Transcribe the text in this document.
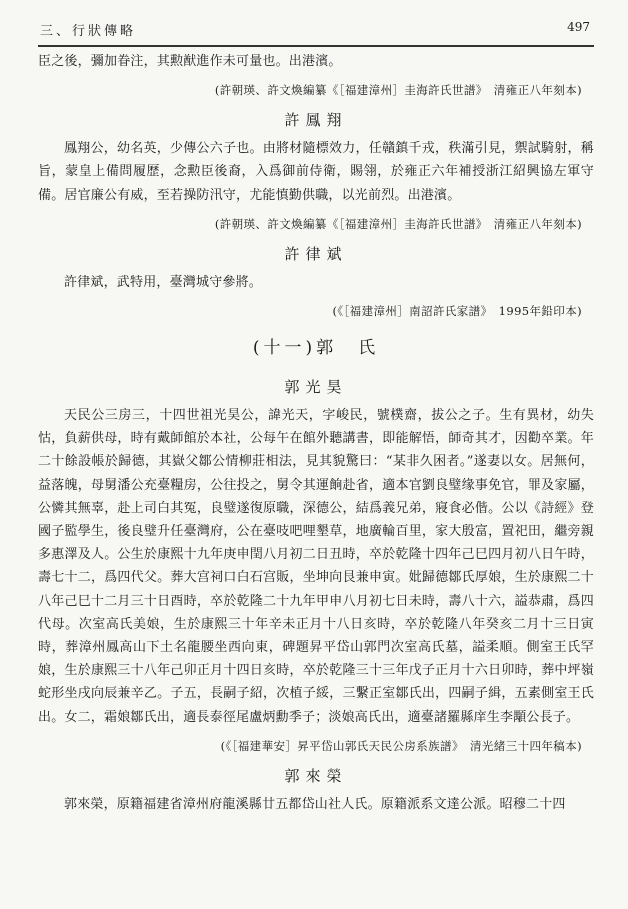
三、行狀傳略	497

臣之後，彌加眷注，其勲猷進作未可量也。出港濱。

(許朝瑛、許文煥編纂《［福建漳州］圭海許氏世譜》　清雍正八年刻本)
許鳳翔

鳳翔公，幼名英，少傳公六子也。由將材隨標效力，任贛鎮千戎，秩滿引見，禦試騎射，稱旨，蒙皇上備問履歷，念勲臣後裔，入爲御前侍衛，賜翎，於雍正六年補授浙江紹興協左軍守備。居官廉公有威，至若操防汛守，尤能慎勤供職，以光前烈。出港濱。

(許朝瑛、許文煥編纂《［福建漳州］圭海許氏世譜》　清雍正八年刻本)
許律斌

許律斌，武特用，臺灣城守參將。

(《［福建漳州］南詔許氏家譜》　1995年鉛印本)
(十一)郭　氏
郭光昊

天民公三房三，十四世祖光昊公，諱光天，字峻民，號樸齋，拔公之子。生有異材，幼失怙，負薪供母，時有戴師館於本社，公每午在館外聽講書，即能解悟，師奇其才，因勸卒業。年二十餘設帳於歸德，其嶽父鄒公情柳莊相法，見其貌驚曰：“某非久困者。”遂妻以女。居無何，益落魄，母舅潘公充臺糧房，公往投之，舅令其運餉赴省，適本官劉良璧缘事免官，罪及家屬，公憐其無辜，赴上司白其冤，良璧遂復原職，深德公，結爲義兄弟，寢食必偕。公以《詩經》登國子監學生，後良璧升任臺灣府，公在臺吱吧哩墾草，地廣輪百里，家大殷富，置祀田，繼旁親多惠澤及人。公生於康熙十九年庚申閏八月初二日丑時，卒於乾隆十四年己巳四月初八日午時，壽七十二，爲四代父。葬大宫祠口白石宫販，坐坤向艮兼申寅。妣歸德鄒氏厚娘，生於康熙二十八年己巳十二月三十日酉時，卒於乾隆二十九年甲申八月初七日未時，壽八十六，謚恭肅，爲四代母。次室高氏美娘，生於康熙三十年辛未正月十八日亥時，卒於乾隆八年癸亥二月十三日寅時，葬漳州鳳高山下土名龍腰坐西向東，碑題昇平岱山郭門次室高氏墓，謚柔順。側室王氏罕娘，生於康熙三十八年己卯正月十四日亥時，卒於乾隆三十三年戊子正月十六日卯時，葬中坪嶺蛇形坐戌向辰兼辛乙。子五，長嗣子紹，次植子綏，三繫正室鄒氏出，四嗣子緝，五素側室王氏出。女二，霜娘鄒氏出，適長泰徑尾盧炳勳季子；淡娘高氏出，適臺諸羅縣庠生李顒公長子。

(《［福建華安］昇平岱山郭氏天民公房系族譜》　清光緒三十四年稿本)
郭來榮

郭來榮，原籍福建省漳州府龍溪縣廿五都岱山社人氏。原籍派系文達公派。昭穆二十四
